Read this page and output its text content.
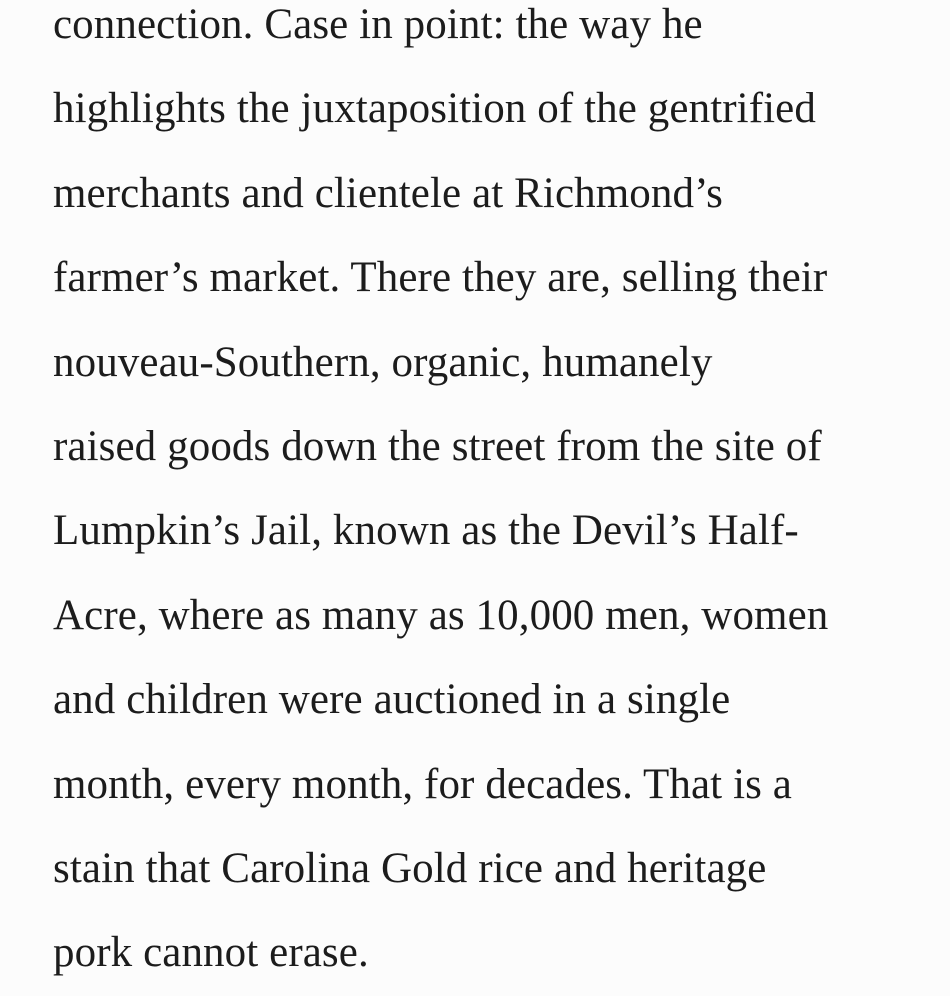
connection. Case in point: the way he
highlights the juxtaposition of the gentrified
merchants and clientele at Richmond’s
farmer’s market. There they are, selling their
nouveau-Southern, organic, humanely
raised goods down the street from the site of
Lumpkin’s Jail, known as the Devil’s Half-
Acre, where as many as 10,000 men, women
and children were auctioned in a single
month, every month, for decades. That is a
stain that Carolina Gold rice and heritage
pork cannot erase.
